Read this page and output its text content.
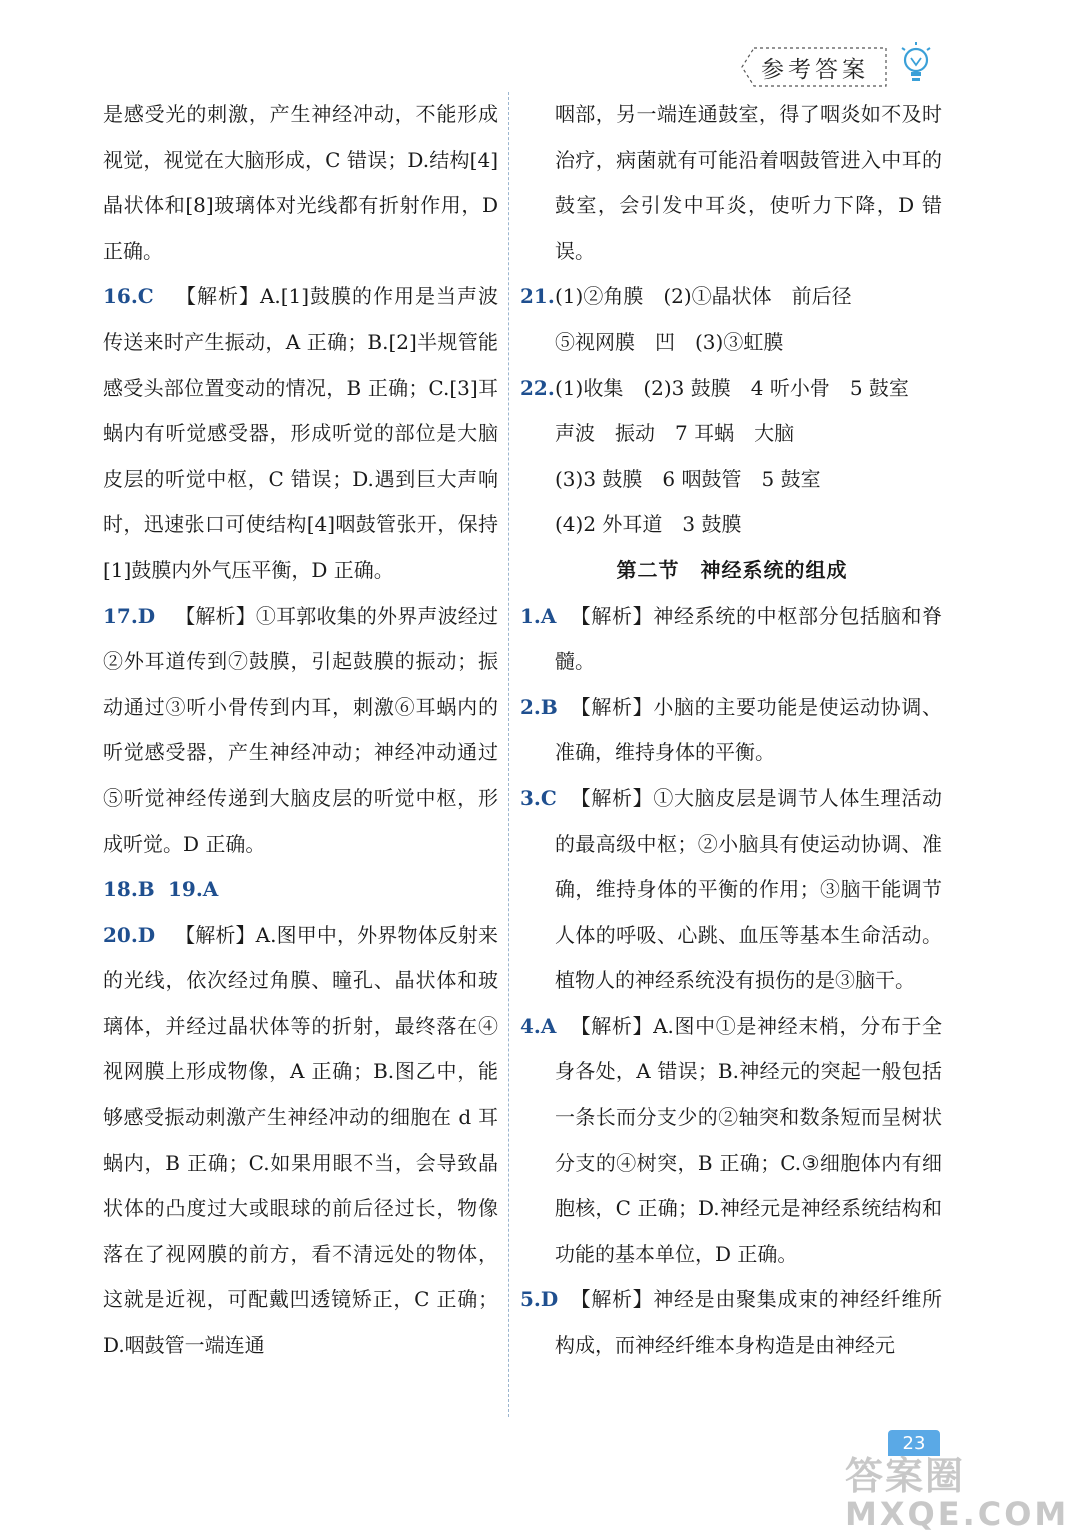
参考答案
是感受光的刺激，产生神经冲动，不能形成视觉，视觉在大脑形成，C 错误；D.结构[4]晶状体和[8]玻璃体对光线都有折射作用，D 正确。
16.C 【解析】A.[1]鼓膜的作用是当声波传送来时产生振动，A 正确；B.[2]半规管能感受头部位置变动的情况，B 正确；C.[3]耳蜗内有听觉感受器，形成听觉的部位是大脑皮层的听觉中枢，C 错误；D.遇到巨大声响时，迅速张口可使结构[4]咽鼓管张开，保持[1]鼓膜内外气压平衡，D 正确。
17.D 【解析】①耳郭收集的外界声波经过②外耳道传到⑦鼓膜，引起鼓膜的振动；振动通过③听小骨传到内耳，刺激⑥耳蜗内的听觉感受器，产生神经冲动；神经冲动通过⑤听觉神经传递到大脑皮层的听觉中枢，形成听觉。D 正确。
18.B 19.A
20.D 【解析】A.图甲中，外界物体反射来的光线，依次经过角膜、瞳孔、晶状体和玻璃体，并经过晶状体等的折射，最终落在④视网膜上形成物像，A 正确；B.图乙中，能够感受振动刺激产生神经冲动的细胞在 d 耳蜗内，B 正确；C.如果用眼不当，会导致晶状体的凸度过大或眼球的前后径过长，物像落在了视网膜的前方，看不清远处的物体，这就是近视，可配戴凹透镜矫正，C 正确；D.咽鼓管一端连通
咽部，另一端连通鼓室，得了咽炎如不及时治疗，病菌就有可能沿着咽鼓管进入中耳的鼓室，会引发中耳炎，使听力下降，D 错误。
21. (1)②角膜　(2)①晶状体　前后径
⑤视网膜　凹　(3)③虹膜
22. (1)收集　(2)3 鼓膜　4 听小骨　5 鼓室
声波　振动　7 耳蜗　大脑
(3)3 鼓膜　6 咽鼓管　5 鼓室
(4)2 外耳道　3 鼓膜
第二节　神经系统的组成
1.A 【解析】神经系统的中枢部分包括脑和脊髓。
2.B 【解析】小脑的主要功能是使运动协调、准确，维持身体的平衡。
3.C 【解析】①大脑皮层是调节人体生理活动的最高级中枢；②小脑具有使运动协调、准确，维持身体的平衡的作用；③脑干能调节人体的呼吸、心跳、血压等基本生命活动。植物人的神经系统没有损伤的是③脑干。
4.A 【解析】A.图中①是神经末梢，分布于全身各处，A 错误；B.神经元的突起一般包括一条长而分支少的②轴突和数条短而呈树状分支的④树突，B 正确；C.③细胞体内有细胞核，C 正确；D.神经元是神经系统结构和功能的基本单位，D 正确。
5.D 【解析】神经是由聚集成束的神经纤维所构成，而神经纤维本身构造是由神经元
23
答案圈
MXQE.COM
